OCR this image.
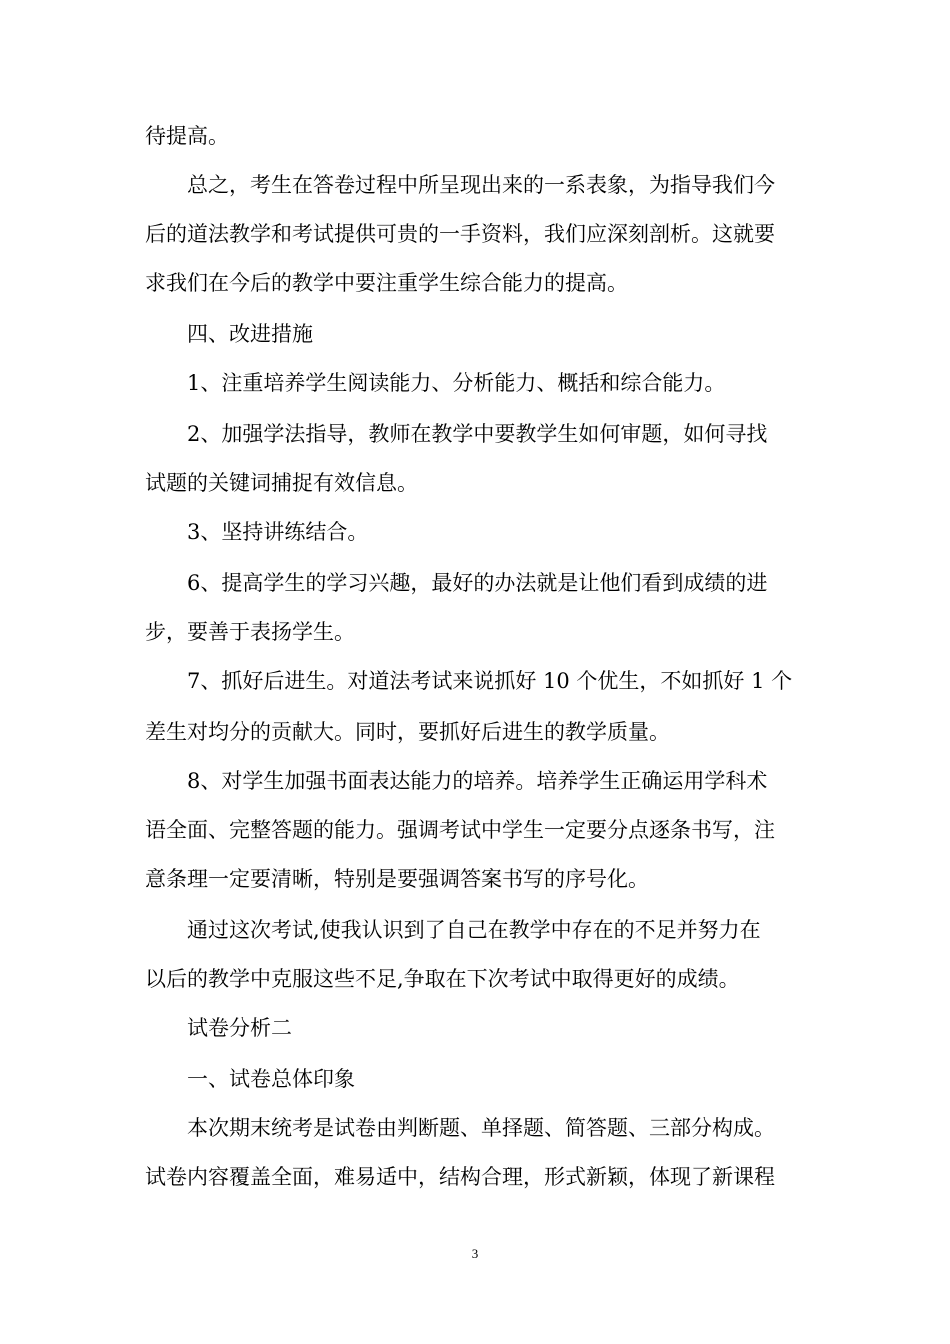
待提高。
总之，考生在答卷过程中所呈现出来的一系表象，为指导我们今
后的道法教学和考试提供可贵的一手资料，我们应深刻剖析。这就要
求我们在今后的教学中要注重学生综合能力的提高。
四、改进措施
1、注重培养学生阅读能力、分析能力、概括和综合能力。
2、加强学法指导，教师在教学中要教学生如何审题，如何寻找
试题的关键词捕捉有效信息。
3、坚持讲练结合。
6、提高学生的学习兴趣，最好的办法就是让他们看到成绩的进
步，要善于表扬学生。
7、抓好后进生。对道法考试来说抓好 10 个优生，不如抓好 1 个
差生对均分的贡献大。同时，要抓好后进生的教学质量。
8、对学生加强书面表达能力的培养。培养学生正确运用学科术
语全面、完整答题的能力。强调考试中学生一定要分点逐条书写，注
意条理一定要清晰，特别是要强调答案书写的序号化。
通过这次考试,使我认识到了自己在教学中存在的不足并努力在
以后的教学中克服这些不足,争取在下次考试中取得更好的成绩。
试卷分析二
一、试卷总体印象
本次期末统考是试卷由判断题、单择题、简答题、三部分构成。
试卷内容覆盖全面，难易适中，结构合理，形式新颖，体现了新课程
3
